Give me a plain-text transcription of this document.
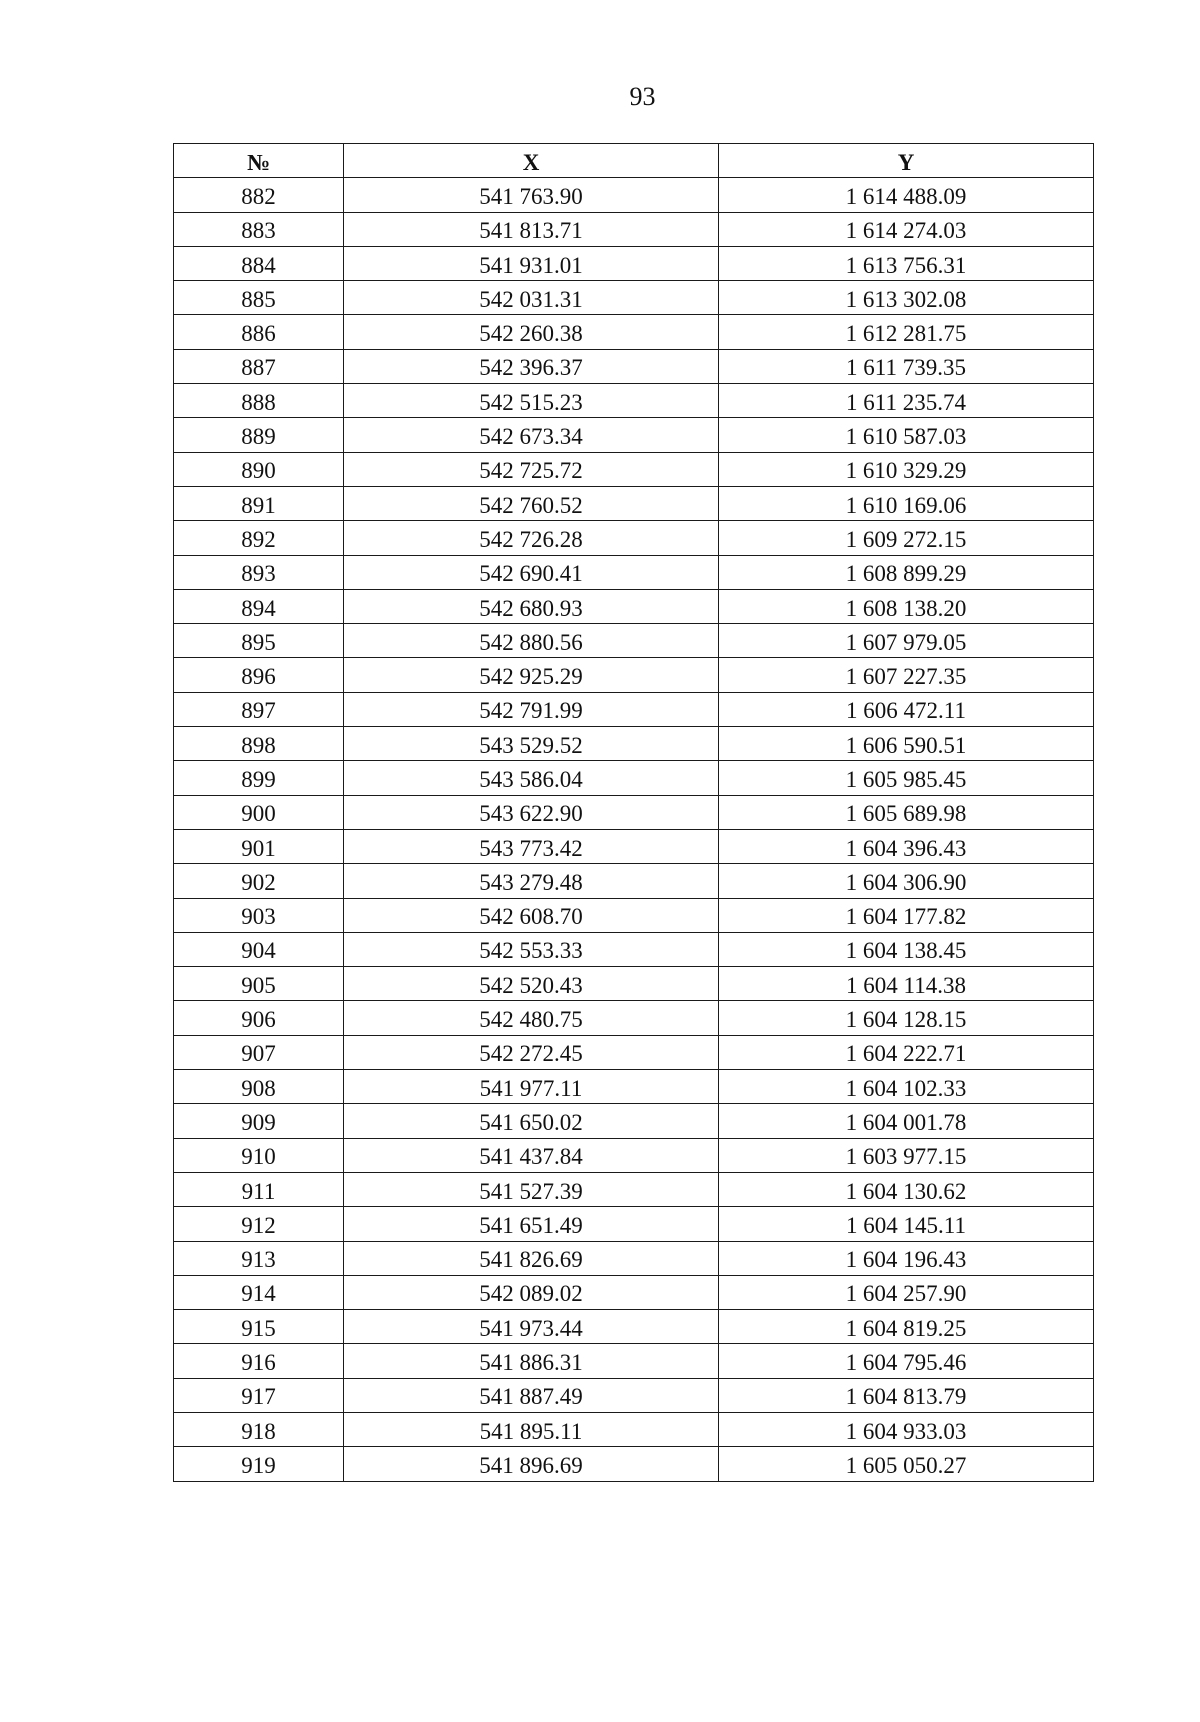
93
№	X	Y
882	541 763.90	1 614 488.09
883	541 813.71	1 614 274.03
884	541 931.01	1 613 756.31
885	542 031.31	1 613 302.08
886	542 260.38	1 612 281.75
887	542 396.37	1 611 739.35
888	542 515.23	1 611 235.74
889	542 673.34	1 610 587.03
890	542 725.72	1 610 329.29
891	542 760.52	1 610 169.06
892	542 726.28	1 609 272.15
893	542 690.41	1 608 899.29
894	542 680.93	1 608 138.20
895	542 880.56	1 607 979.05
896	542 925.29	1 607 227.35
897	542 791.99	1 606 472.11
898	543 529.52	1 606 590.51
899	543 586.04	1 605 985.45
900	543 622.90	1 605 689.98
901	543 773.42	1 604 396.43
902	543 279.48	1 604 306.90
903	542 608.70	1 604 177.82
904	542 553.33	1 604 138.45
905	542 520.43	1 604 114.38
906	542 480.75	1 604 128.15
907	542 272.45	1 604 222.71
908	541 977.11	1 604 102.33
909	541 650.02	1 604 001.78
910	541 437.84	1 603 977.15
911	541 527.39	1 604 130.62
912	541 651.49	1 604 145.11
913	541 826.69	1 604 196.43
914	542 089.02	1 604 257.90
915	541 973.44	1 604 819.25
916	541 886.31	1 604 795.46
917	541 887.49	1 604 813.79
918	541 895.11	1 604 933.03
919	541 896.69	1 605 050.27
